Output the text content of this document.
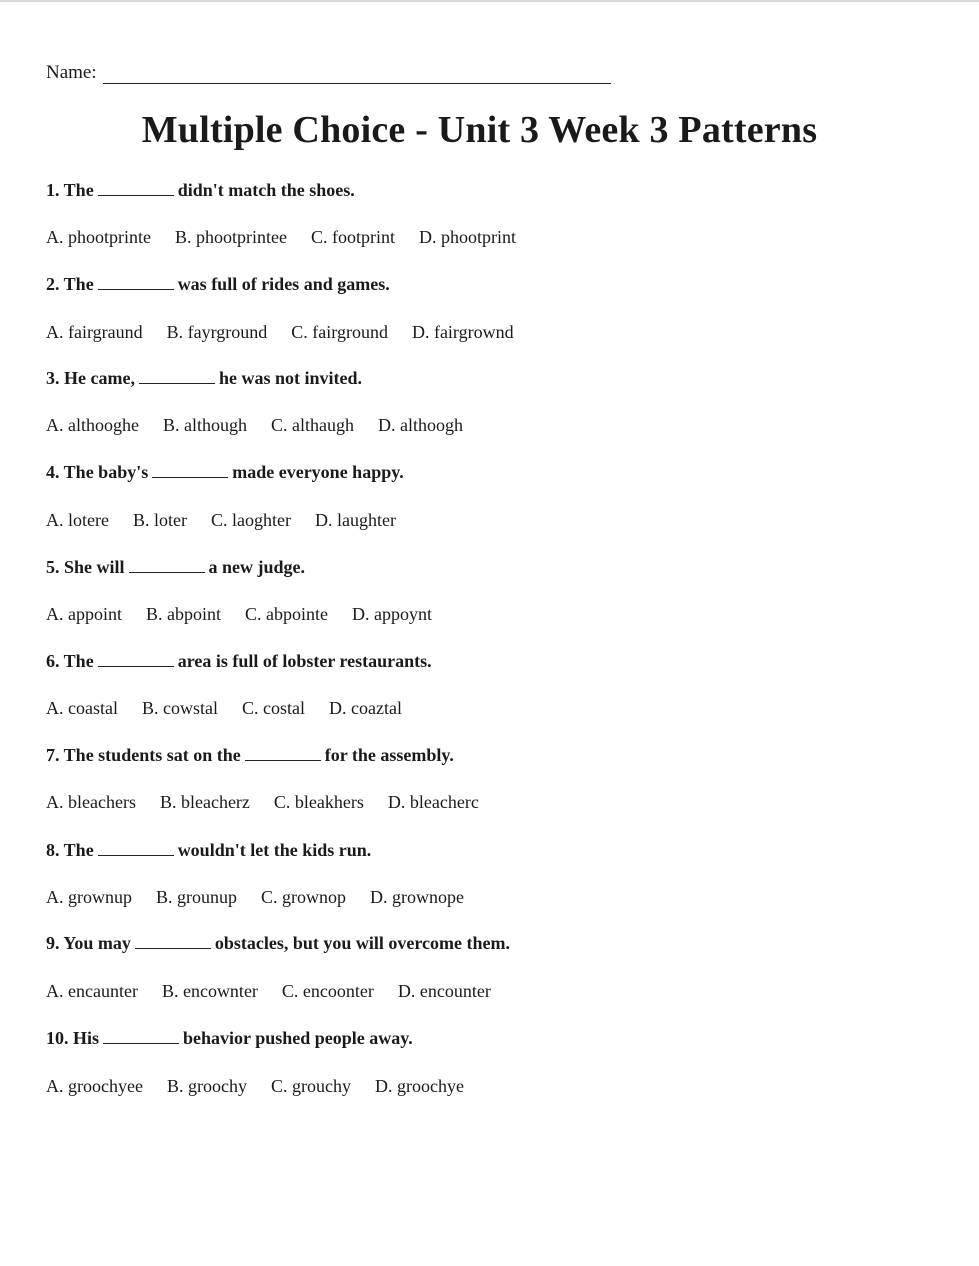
Name:
Multiple Choice - Unit 3 Week 3 Patterns
1. The	didn't match the shoes.
A. phootprinte B. phootprintee C. footprint D. phootprint
2. The	was full of rides and games.
A. fairgraund B. fayrground C. fairground D. fairgrownd
3. He came,	he was not invited.
A. althooghe B. although C. althaugh D. althoogh
4. The baby's	made everyone happy.
A. lotere B. loter C. laoghter D. laughter
5. She will	a new judge.
A. appoint B. abpoint C. abpointe D. appoynt
6. The	area is full of lobster restaurants.
A. coastal B. cowstal C. costal D. coaztal
7. The students sat on the	for the assembly.
A. bleachers B. bleacherz C. bleakhers D. bleacherc
8. The	wouldn't let the kids run.
A. grownup B. grounup C. grownop D. grownope
9. You may	obstacles, but you will overcome them.
A. encaunter B. encownter C. encoonter D. encounter
10. His	behavior pushed people away.
A. groochyee B. groochy C. grouchy D. groochye
